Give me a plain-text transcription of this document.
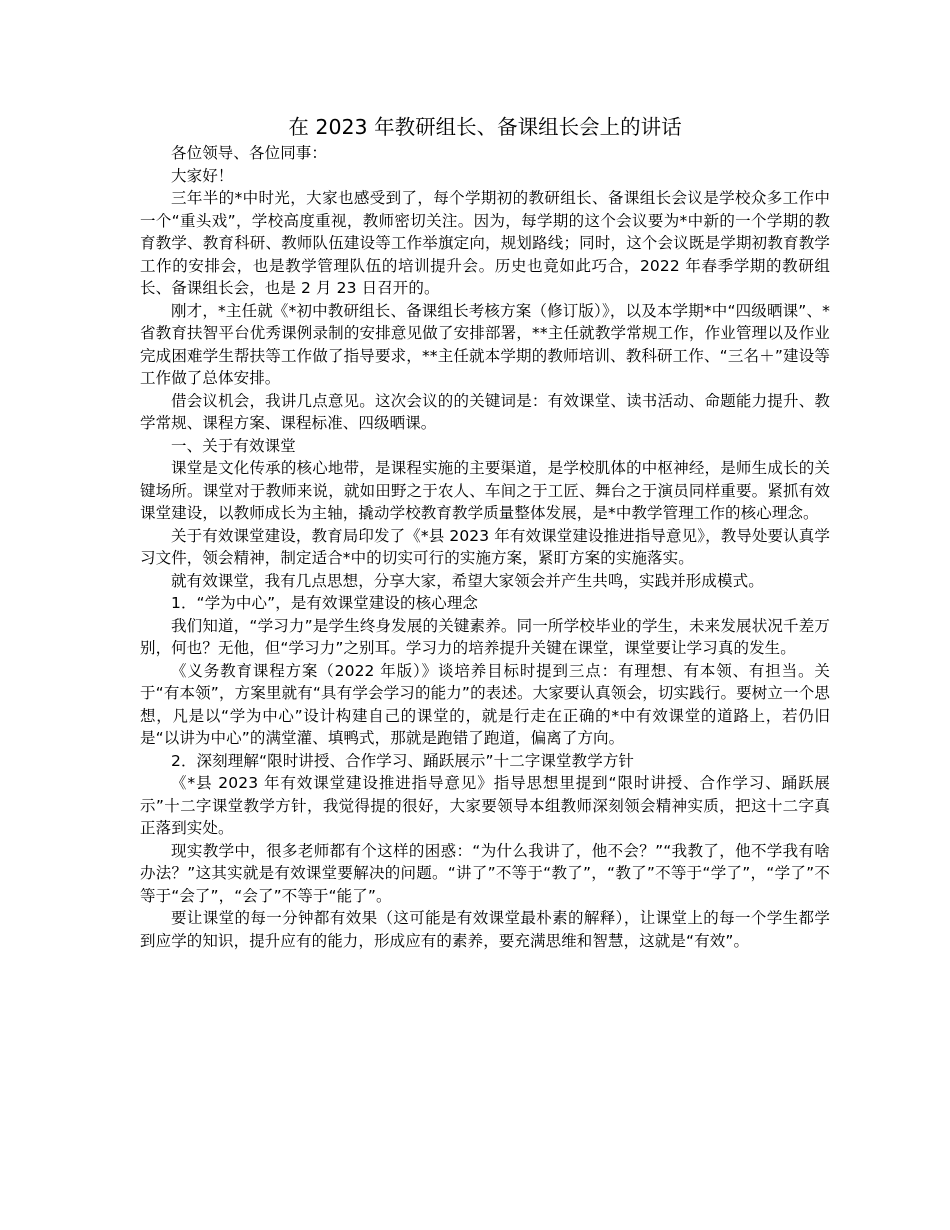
在 2023 年教研组长、备课组长会上的讲话

各位领导、各位同事：

大家好！

三年半的*中时光，大家也感受到了，每个学期初的教研组长、备课组长会议是学校众多工作中一个“重头戏”，学校高度重视，教师密切关注。因为，每学期的这个会议要为*中新的一个学期的教育教学、教育科研、教师队伍建设等工作举旗定向，规划路线；同时，这个会议既是学期初教育教学工作的安排会，也是教学管理队伍的培训提升会。历史也竟如此巧合，2022 年春季学期的教研组长、备课组长会，也是 2 月 23 日召开的。

刚才，*主任就《*初中教研组长、备课组长考核方案（修订版）》，以及本学期*中“四级晒课”、*省教育扶智平台优秀课例录制的安排意见做了安排部署，**主任就教学常规工作，作业管理以及作业完成困难学生帮扶等工作做了指导要求，**主任就本学期的教师培训、教科研工作、“三名＋”建设等工作做了总体安排。

借会议机会，我讲几点意见。这次会议的的关键词是：有效课堂、读书活动、命题能力提升、教学常规、课程方案、课程标准、四级晒课。

一、关于有效课堂

课堂是文化传承的核心地带，是课程实施的主要渠道，是学校肌体的中枢神经，是师生成长的关键场所。课堂对于教师来说，就如田野之于农人、车间之于工匠、舞台之于演员同样重要。紧抓有效课堂建设，以教师成长为主轴，撬动学校教育教学质量整体发展，是*中教学管理工作的核心理念。

关于有效课堂建设，教育局印发了《*县 2023 年有效课堂建设推进指导意见》，教导处要认真学习文件，领会精神，制定适合*中的切实可行的实施方案，紧盯方案的实施落实。

就有效课堂，我有几点思想，分享大家，希望大家领会并产生共鸣，实践并形成模式。

1．“学为中心”，是有效课堂建设的核心理念

我们知道，“学习力”是学生终身发展的关键素养。同一所学校毕业的学生，未来发展状况千差万别，何也？无他，但“学习力”之别耳。学习力的培养提升关键在课堂，课堂要让学习真的发生。

《义务教育课程方案（2022 年版）》谈培养目标时提到三点：有理想、有本领、有担当。关于“有本领”，方案里就有“具有学会学习的能力”的表述。大家要认真领会，切实践行。要树立一个思想，凡是以“学为中心”设计构建自己的课堂的，就是行走在正确的*中有效课堂的道路上，若仍旧是“以讲为中心”的满堂灌、填鸭式，那就是跑错了跑道，偏离了方向。

2．深刻理解“限时讲授、合作学习、踊跃展示”十二字课堂教学方针

《*县 2023 年有效课堂建设推进指导意见》指导思想里提到“限时讲授、合作学习、踊跃展示”十二字课堂教学方针，我觉得提的很好，大家要领导本组教师深刻领会精神实质，把这十二字真正落到实处。

现实教学中，很多老师都有个这样的困惑：“为什么我讲了，他不会？”“我教了，他不学我有啥办法？”这其实就是有效课堂要解决的问题。“讲了”不等于“教了”，“教了”不等于“学了”，“学了”不等于“会了”，“会了”不等于“能了”。

要让课堂的每一分钟都有效果（这可能是有效课堂最朴素的解释），让课堂上的每一个学生都学到应学的知识，提升应有的能力，形成应有的素养，要充满思维和智慧，这就是“有效”。
